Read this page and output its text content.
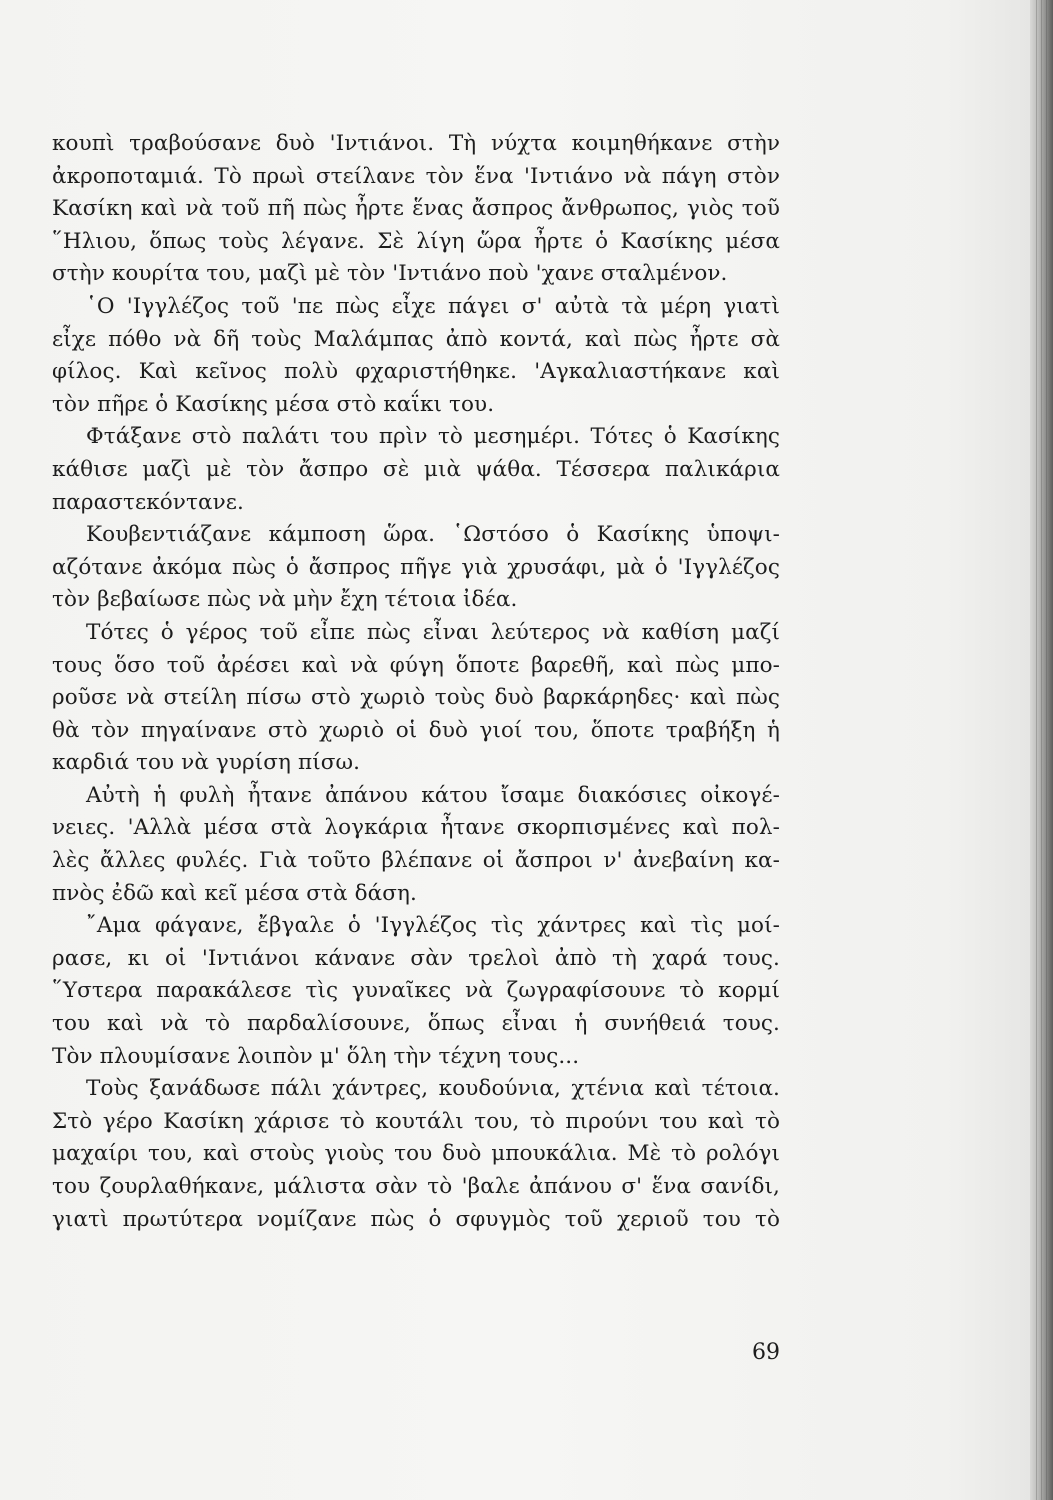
κουπὶ τραβούσανε δυὸ 'Ιντιάνοι. Τὴ νύχτα κοιμηθήκανε στὴν
ἀκροποταμιά. Τὸ πρωὶ στείλανε τὸν ἕνα 'Ιντιάνο νὰ πάγη στὸν
Κασίκη καὶ νὰ τοῦ πῆ πὼς ἦρτε ἕνας ἄσπρος ἄνθρωπος, γιὸς τοῦ
῞Ηλιου, ὅπως τοὺς λέγανε. Σὲ λίγη ὥρα ἦρτε ὁ Κασίκης μέσα
στὴν κουρίτα του, μαζὶ μὲ τὸν 'Ιντιάνο ποὺ 'χανε σταλμένον.
῾Ο 'Ιγγλέζος τοῦ 'πε πὼς εἶχε πάγει σ' αὐτὰ τὰ μέρη γιατὶ
εἶχε πόθο νὰ δῆ τοὺς Μαλάμπας ἀπὸ κοντά, καὶ πὼς ἦρτε σὰ
φίλος. Καὶ κεῖνος πολὺ φχαριστήθηκε. 'Αγκαλιαστήκανε καὶ
τὸν πῆρε ὁ Κασίκης μέσα στὸ καΐκι του.
Φτάξανε στὸ παλάτι του πρὶν τὸ μεσημέρι. Τότες ὁ Κασίκης
κάθισε μαζὶ μὲ τὸν ἄσπρο σὲ μιὰ ψάθα. Τέσσερα παλικάρια
παραστεκόντανε.
Κουβεντιάζανε κάμποση ὥρα. ῾Ωστόσο ὁ Κασίκης ὑποψι-
αζότανε ἀκόμα πὼς ὁ ἄσπρος πῆγε γιὰ χρυσάφι, μὰ ὁ 'Ιγγλέζος
τὸν βεβαίωσε πὼς νὰ μὴν ἔχη τέτοια ἰδέα.
Τότες ὁ γέρος τοῦ εἶπε πὼς εἶναι λεύτερος νὰ καθίση μαζί
τους ὅσο τοῦ ἀρέσει καὶ νὰ φύγη ὅποτε βαρεθῆ, καὶ πὼς μπο-
ροῦσε νὰ στείλη πίσω στὸ χωριὸ τοὺς δυὸ βαρκάρηδες· καὶ πὼς
θὰ τὸν πηγαίνανε στὸ χωριὸ οἱ δυὸ γιοί του, ὅποτε τραβήξη ἡ
καρδιά του νὰ γυρίση πίσω.
Αὐτὴ ἡ φυλὴ ἦτανε ἀπάνου κάτου ἴσαμε διακόσιες οἰκογέ-
νειες. 'Αλλὰ μέσα στὰ λογκάρια ἦτανε σκορπισμένες καὶ πολ-
λὲς ἄλλες φυλές. Γιὰ τοῦτο βλέπανε οἱ ἄσπροι ν' ἀνεβαίνη κα-
πνὸς ἐδῶ καὶ κεῖ μέσα στὰ δάση.
῎Αμα φάγανε, ἔβγαλε ὁ 'Ιγγλέζος τὶς χάντρες καὶ τὶς μοί-
ρασε, κι οἱ 'Ιντιάνοι κάνανε σὰν τρελοὶ ἀπὸ τὴ χαρά τους.
῞Υστερα παρακάλεσε τὶς γυναῖκες νὰ ζωγραφίσουνε τὸ κορμί
του καὶ νὰ τὸ παρδαλίσουνε, ὅπως εἶναι ἡ συνήθειά τους.
Τὸν πλουμίσανε λοιπὸν μ' ὅλη τὴν τέχνη τους...
Τοὺς ξανάδωσε πάλι χάντρες, κουδούνια, χτένια καὶ τέτοια.
Στὸ γέρο Κασίκη χάρισε τὸ κουτάλι του, τὸ πιρούνι του καὶ τὸ
μαχαίρι του, καὶ στοὺς γιοὺς του δυὸ μπουκάλια. Μὲ τὸ ρολόγι
του ζουρλαθήκανε, μάλιστα σὰν τὸ 'βαλε ἀπάνου σ' ἕνα σανίδι,
γιατὶ πρωτύτερα νομίζανε πὼς ὁ σφυγμὸς τοῦ χεριοῦ του τὸ
69
